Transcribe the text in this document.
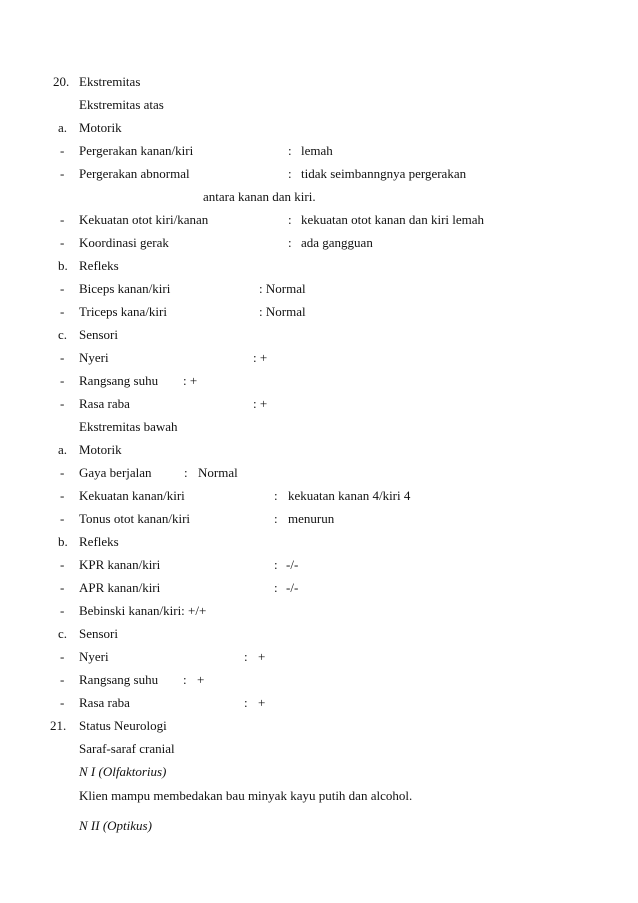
20. Ekstremitas
Ekstremitas atas
a. Motorik
- Pergerakan kanan/kiri	: lemah
- Pergerakan abnormal	: tidak seimbanngnya pergerakan
antara kanan dan kiri.
- Kekuatan otot kiri/kanan	: kekuatan otot kanan dan kiri lemah
- Koordinasi gerak	: ada gangguan
b. Refleks
- Biceps kanan/kiri	: Normal
- Triceps kana/kiri	: Normal
c. Sensori
- Nyeri	: +
- Rangsang suhu : +
- Rasa raba	: +
Ekstremitas bawah
a. Motorik
- Gaya berjalan : Normal
- Kekuatan kanan/kiri	: kekuatan kanan 4/kiri 4
- Tonus otot kanan/kiri	: menurun
b. Refleks
- KPR kanan/kiri	: -/-
- APR kanan/kiri	: -/-
- Bebinski kanan/kiri: +/+
c. Sensori
- Nyeri	: +
- Rangsang suhu : +
- Rasa raba	: +
21. Status Neurologi
Saraf-saraf cranial
N I (Olfaktorius)
Klien mampu membedakan bau minyak kayu putih dan alcohol.
N II (Optikus)
